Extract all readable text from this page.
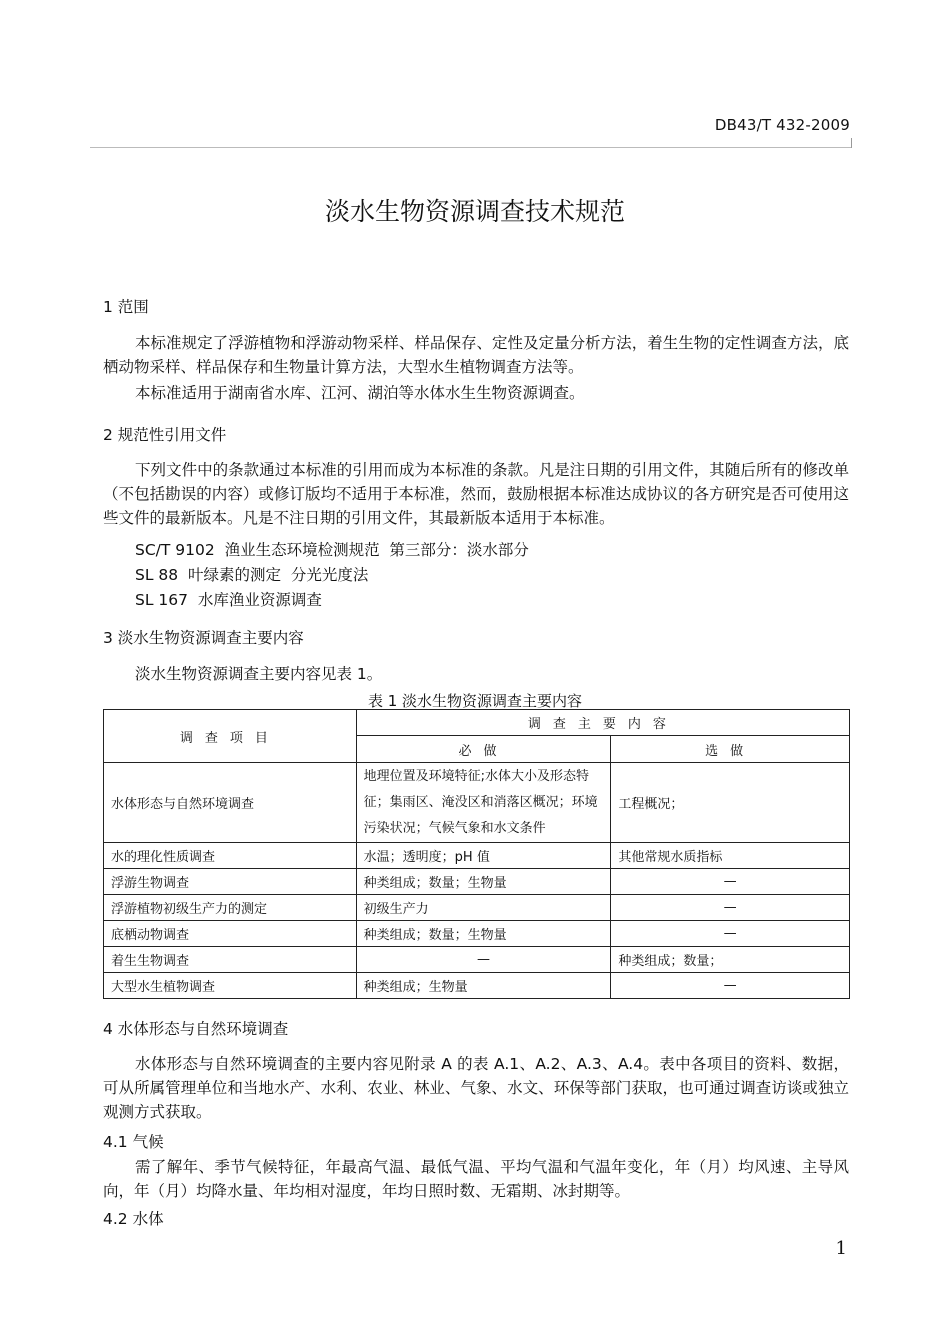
DB43/T 432-2009
淡水生物资源调查技术规范
1 范围

本标准规定了浮游植物和浮游动物采样、样品保存、定性及定量分析方法，着生生物的定性调查方法，底栖动物采样、样品保存和生物量计算方法，大型水生植物调查方法等。

本标准适用于湖南省水库、江河、湖泊等水体水生生物资源调查。

2 规范性引用文件

下列文件中的条款通过本标准的引用而成为本标准的条款。凡是注日期的引用文件，其随后所有的修改单（不包括勘误的内容）或修订版均不适用于本标准，然而，鼓励根据本标准达成协议的各方研究是否可使用这些文件的最新版本。凡是不注日期的引用文件，其最新版本适用于本标准。

SC/T 9102  渔业生态环境检测规范  第三部分：淡水部分
SL 88  叶绿素的测定  分光光度法
SL 167  水库渔业资源调查
3 淡水生物资源调查主要内容

淡水生物资源调查主要内容见表 1。

表 1 淡水生物资源调查主要内容
调查项目	调查主要内容	
	必做	选做
水体形态与自然环境调查	地理位置及环境特征;水体大小及形态特征；集雨区、淹没区和消落区概况；环境污染状况；气候气象和水文条件	工程概况；
水的理化性质调查	水温；透明度；pH 值	其他常规水质指标
浮游生物调查	种类组成；数量；生物量	—
浮游植物初级生产力的测定	初级生产力	—
底栖动物调查	种类组成；数量；生物量	—
着生生物调查	—	种类组成；数量；
大型水生植物调查	种类组成；生物量	—
4 水体形态与自然环境调查

水体形态与自然环境调查的主要内容见附录 A 的表 A.1、A.2、A.3、A.4。表中各项目的资料、数据，可从所属管理单位和当地水产、水利、农业、林业、气象、水文、环保等部门获取，也可通过调查访谈或独立观测方式获取。

4.1 气候

需了解年、季节气候特征，年最高气温、最低气温、平均气温和气温年变化，年（月）均风速、主导风向，年（月）均降水量、年均相对湿度，年均日照时数、无霜期、冰封期等。

4.2 水体
1
